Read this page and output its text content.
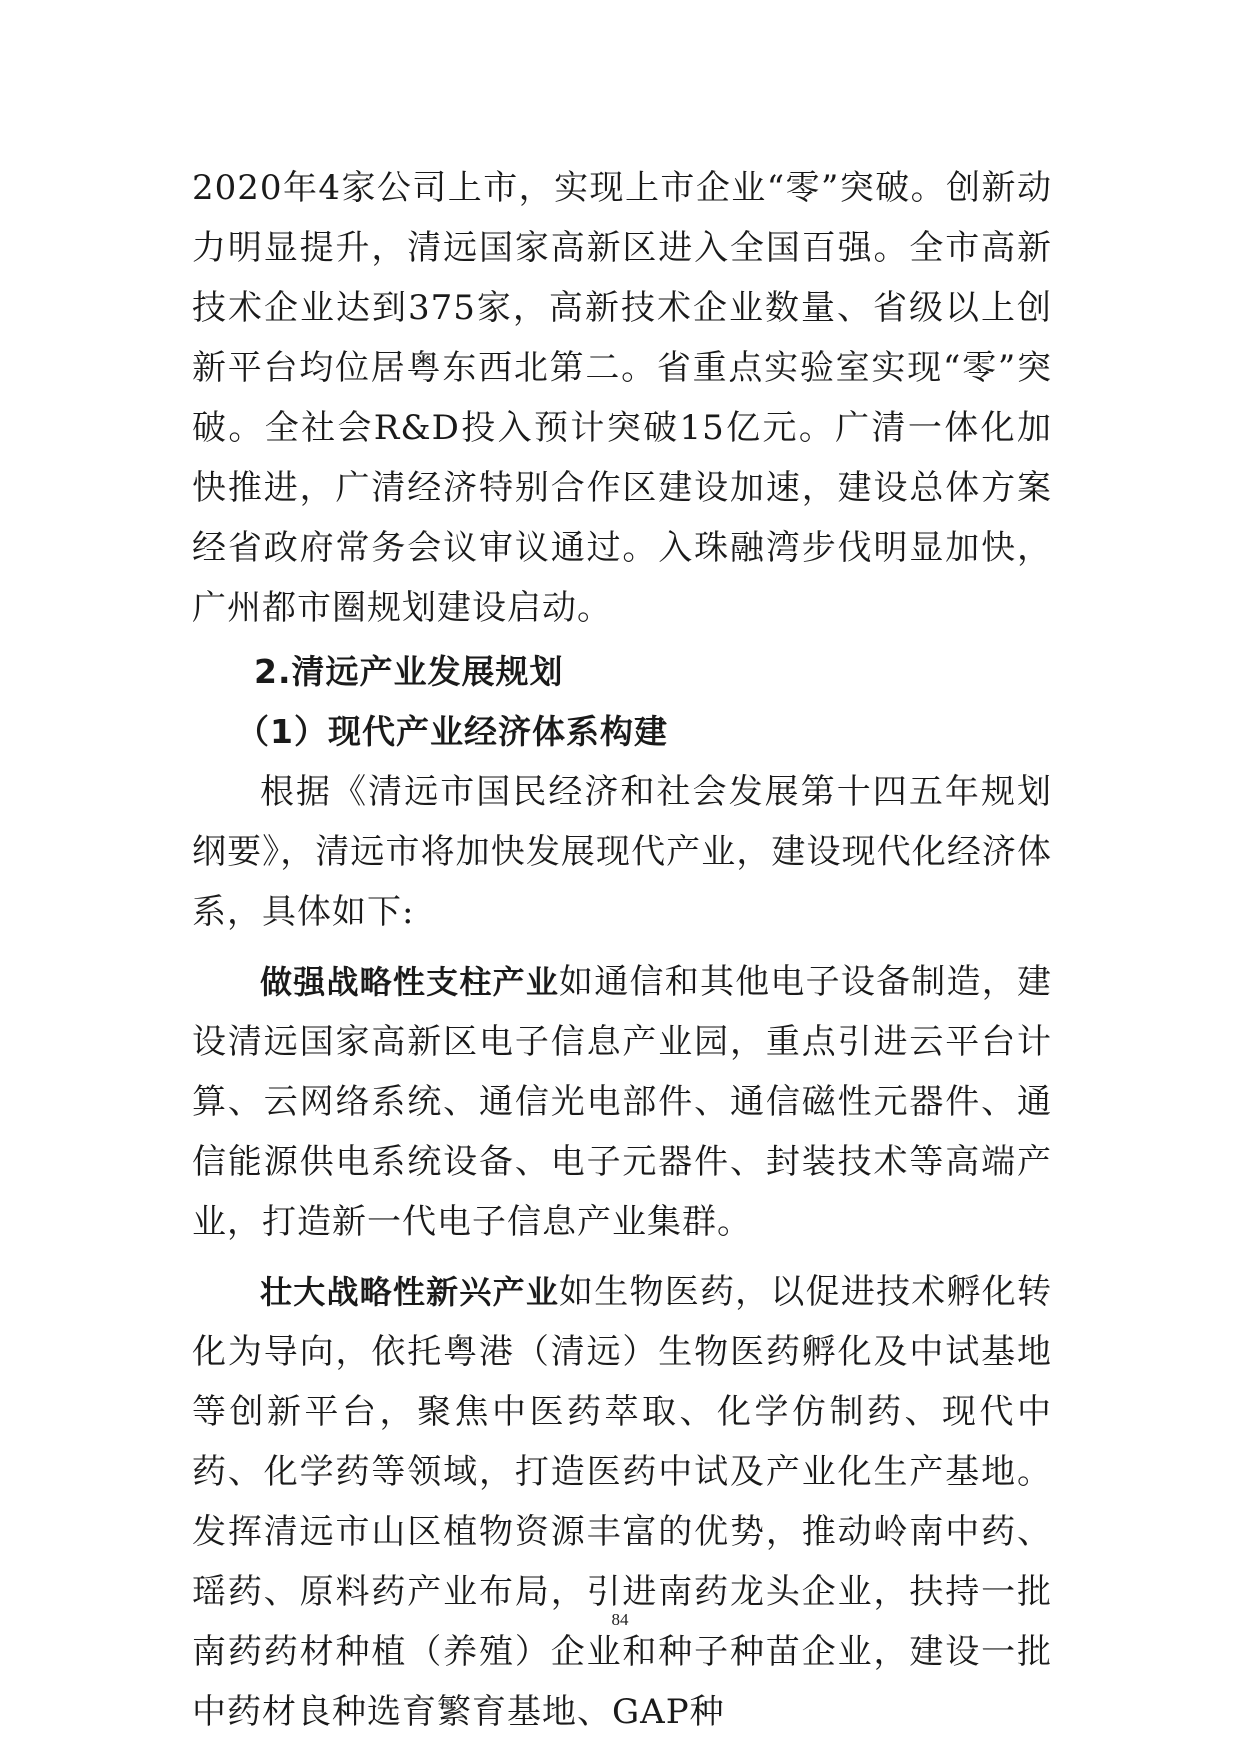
2020年4家公司上市，实现上市企业“零”突破。创新动力明显提升，清远国家高新区进入全国百强。全市高新技术企业达到375家，高新技术企业数量、省级以上创新平台均位居粤东西北第二。省重点实验室实现“零”突破。全社会R&D投入预计突破15亿元。广清一体化加快推进，广清经济特别合作区建设加速，建设总体方案经省政府常务会议审议通过。入珠融湾步伐明显加快，广州都市圈规划建设启动。

2.清远产业发展规划

（1）现代产业经济体系构建

根据《清远市国民经济和社会发展第十四五年规划纲要》，清远市将加快发展现代产业，建设现代化经济体系，具体如下:

做强战略性支柱产业如通信和其他电子设备制造，建设清远国家高新区电子信息产业园，重点引进云平台计算、云网络系统、通信光电部件、通信磁性元器件、通信能源供电系统设备、电子元器件、封装技术等高端产业，打造新一代电子信息产业集群。

壮大战略性新兴产业如生物医药，以促进技术孵化转化为导向，依托粤港（清远）生物医药孵化及中试基地等创新平台，聚焦中医药萃取、化学仿制药、现代中药、化学药等领域，打造医药中试及产业化生产基地。发挥清远市山区植物资源丰富的优势，推动岭南中药、瑶药、原料药产业布局，引进南药龙头企业，扶持一批南药药材种植（养殖）企业和种子种苗企业，建设一批中药材良种选育繁育基地、GAP种

84
